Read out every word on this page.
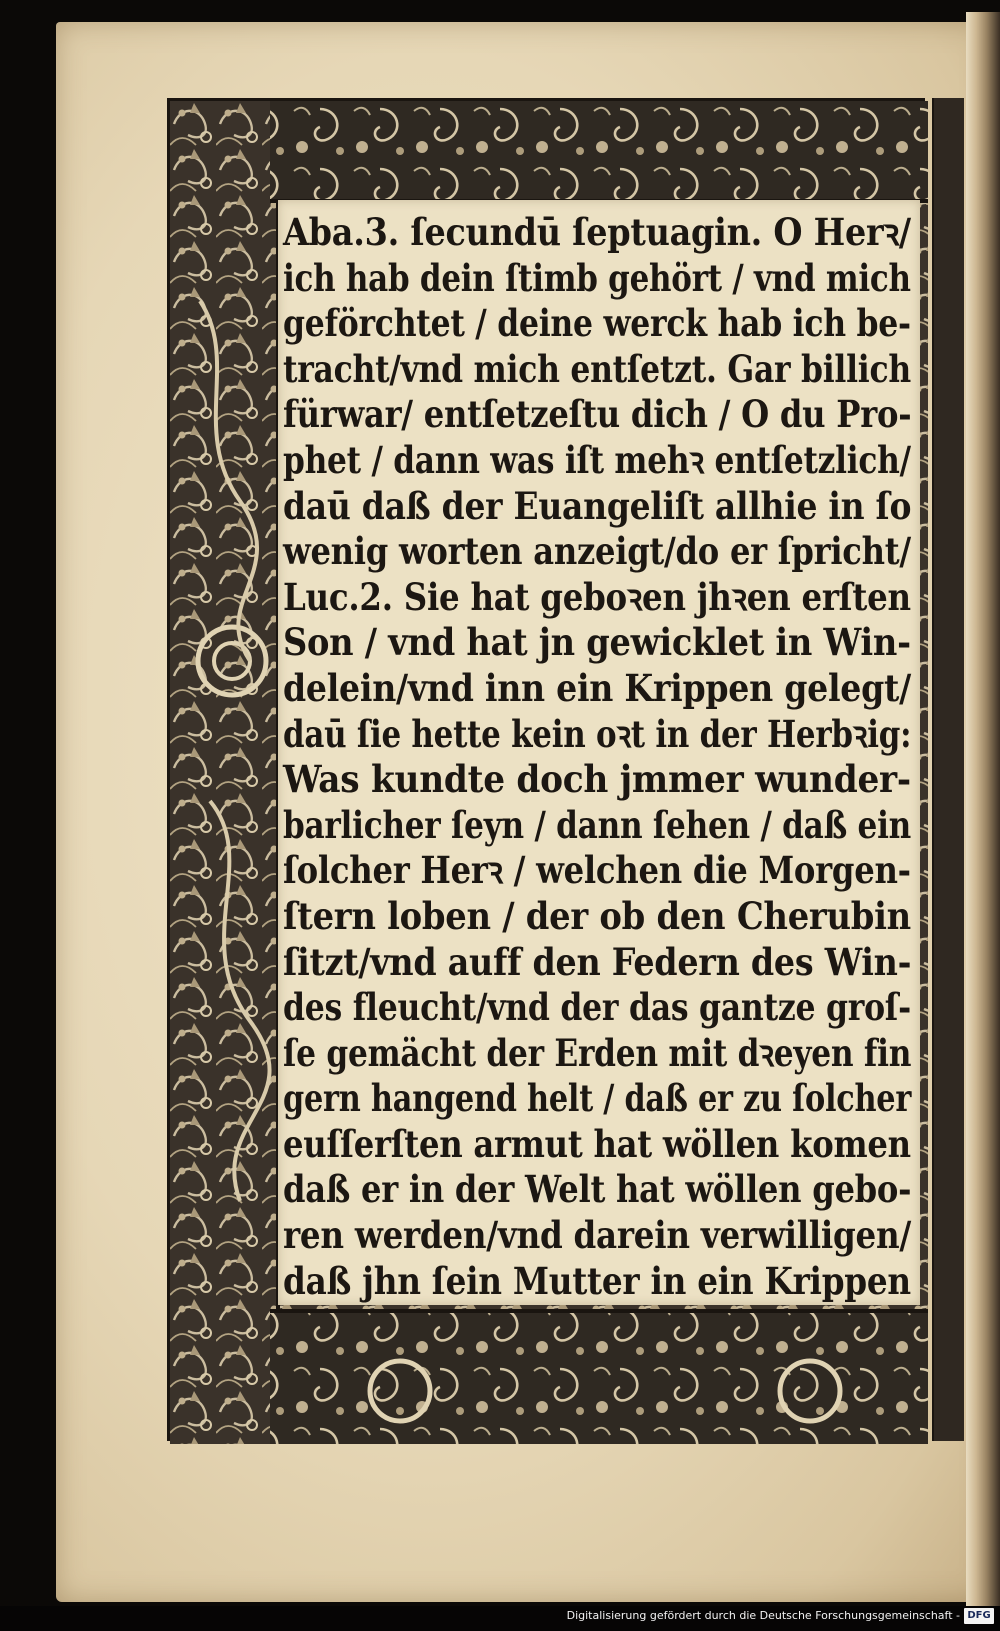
Aba.3. ſecundū ſeptuagin. O Herꝛ/
ich hab dein ſtimb gehört / vnd mich
geförchtet / deine werck hab ich be-
tracht/vnd mich entſetzt. Gar billich
fürwar/ entſetzeſtu dich / O du Pro-
phet / dann was iſt mehꝛ entſetzlich/
daū daß der Euangeliſt allhie in ſo
wenig worten anzeigt/do er ſpricht/
Luc.2. Sie hat geboꝛen jhꝛen erſten
Son / vnd hat jn gewicklet in Win-
delein/vnd inn ein Krippen gelegt/
daū ſie hette kein oꝛt in der Herbꝛig:
Was kundte doch jmmer wunder-
barlicher ſeyn / dann ſehen / daß ein
ſolcher Herꝛ / welchen die Morgen-
ſtern loben / der ob den Cherubin
ſitzt/vnd auff den Federn des Win-
des fleucht/vnd der das gantze groſ-
ſe gemächt der Erden mit dꝛeyen fin
gern hangend helt / daß er zu ſolcher
euſſerſten armut hat wöllen komen
daß er in der Welt hat wöllen gebo-
ren werden/vnd darein verwilligen/
daß jhn ſein Mutter in ein Krippen
Digitalisierung gefördert durch die Deutsche Forschungsgemeinschaft - DFG
